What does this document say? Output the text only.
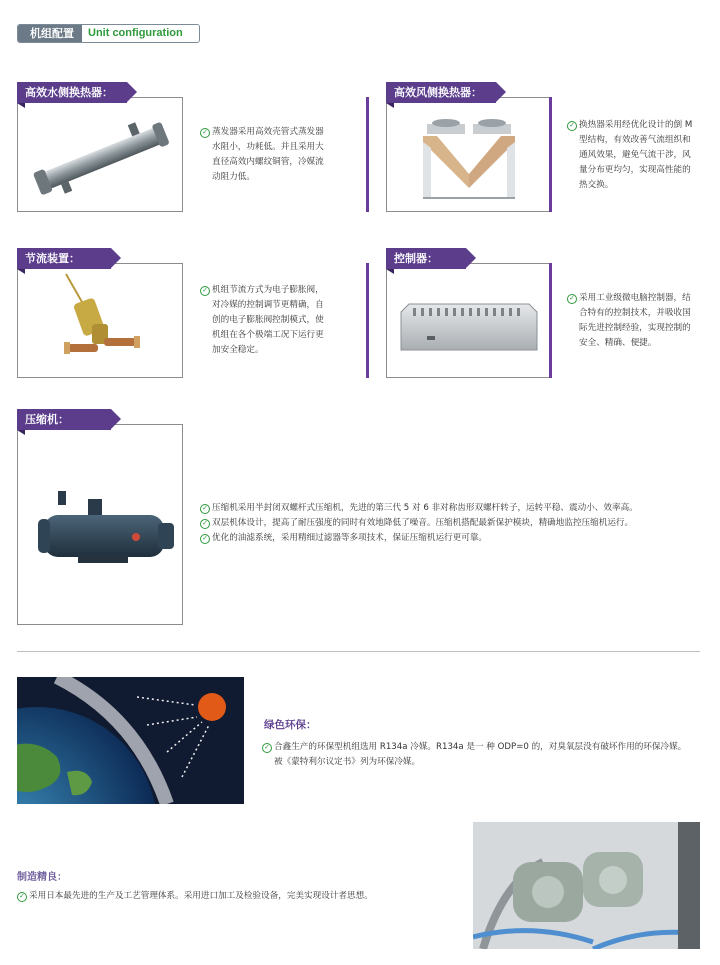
机组配置	Unit configuration
高效水侧换热器：
✓ 蒸发器采用高效壳管式蒸发器
水阻小，功耗低。并且采用大
直径高效内螺纹铜管，冷媒流
动阻力低。
高效风侧换热器：
✓ 换热器采用经优化设计的倒 M
型结构，有效改善气流组织和
通风效果，避免气流干涉，风
量分布更均匀，实现高性能的
热交换。
节流装置：
✓ 机组节流方式为电子膨胀阀，
对冷媒的控制调节更精确，自
创的电子膨胀阀控制模式，使
机组在各个极端工况下运行更
加安全稳定。
控制器：
✓ 采用工业级微电脑控制器，结
合特有的控制技术，并吸收国
际先进控制经验，实现控制的
安全、精确、便捷。
压缩机：
✓ 压缩机采用半封闭双螺杆式压缩机，先进的第三代 5 对 6 非对称齿形双螺杆转子，运转平稳、震动小、效率高。
✓ 双层机体设计，提高了耐压强度的同时有效地降低了噪音。压缩机搭配最新保护模块，精确地监控压缩机运行。
✓ 优化的油滤系统，采用精细过滤器等多项技术，保证压缩机运行更可靠。
绿色环保：
✓ 合鑫生产的环保型机组选用 R134a 冷媒。R134a 是一 种 ODP=0 的，对臭氧层没有破坏作用的环保冷媒。
被《蒙特利尔议定书》列为环保冷媒。
制造精良：
✓ 采用日本最先进的生产及工艺管理体系。采用进口加工及检验设备，完美实现设计者思想。
